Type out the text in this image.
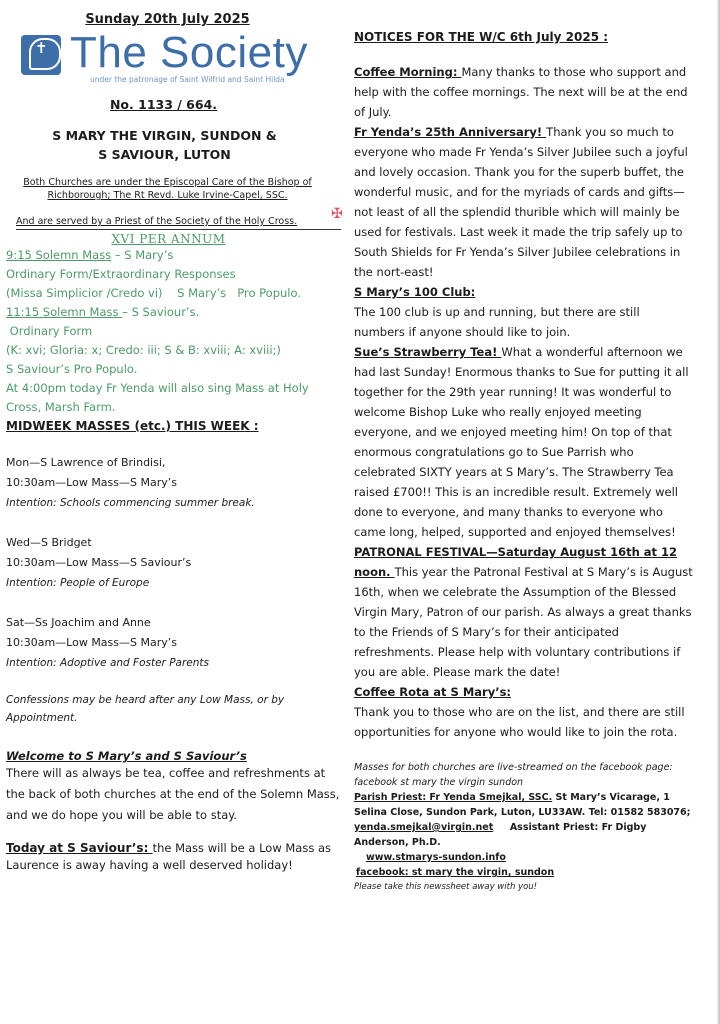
Sunday 20th July 2025
✝ The Society
under the patronage of Saint Wilfrid and Saint Hilda
No. 1133 / 664.
S MARY THE VIRGIN, SUNDON &
S SAVIOUR, LUTON
Both Churches are under the Episcopal Care of the Bishop of
Richborough; The Rt Revd. Luke Irvine-Capel, SSC.
And are served by a Priest of the Society of the Holy Cross. ✠
XVI PER ANNUM
9:15 Solemn Mass – S Mary’s
Ordinary Form/Extraordinary Responses
(Missa Simplicior /Credo vi)    S Mary’s   Pro Populo.
11:15 Solemn Mass – S Saviour’s.
Ordinary Form
(K: xvi; Gloria: x; Credo: iii; S & B: xviii; A: xviii;)
S Saviour’s Pro Populo.
At 4:00pm today Fr Yenda will also sing Mass at Holy Cross, Marsh Farm.
MIDWEEK MASSES (etc.) THIS WEEK :
Mon—S Lawrence of Brindisi,
10:30am—Low Mass—S Mary’s
Intention: Schools commencing summer break.
Wed—S Bridget
10:30am—Low Mass—S Saviour’s
Intention: People of Europe
Sat—Ss Joachim and Anne
10:30am—Low Mass—S Mary’s
Intention: Adoptive and Foster Parents
Confessions may be heard after any Low Mass, or by Appointment.
Welcome to S Mary’s and S Saviour’s
There will as always be tea, coffee and refreshments at the back of both churches at the end of the Solemn Mass, and we do hope you will be able to stay.
Today at S Saviour’s: the Mass will be a Low Mass as Laurence is away having a well deserved holiday!
NOTICES FOR THE W/C 6th July 2025 :
Coffee Morning: Many thanks to those who support and help with the coffee mornings. The next will be at the end of July.
Fr Yenda’s 25th Anniversary! Thank you so much to everyone who made Fr Yenda’s Silver Jubilee such a joyful and lovely occasion. Thank you for the superb buffet, the wonderful music, and for the myriads of cards and gifts—not least of all the splendid thurible which will mainly be used for festivals. Last week it made the trip safely up to South Shields for Fr Yenda’s Silver Jubilee celebrations in the nort-east!
S Mary’s 100 Club:
The 100 club is up and running, but there are still numbers if anyone should like to join.
Sue’s Strawberry Tea! What a wonderful afternoon we had last Sunday! Enormous thanks to Sue for putting it all together for the 29th year running! It was wonderful to welcome Bishop Luke who really enjoyed meeting everyone, and we enjoyed meeting him! On top of that enormous congratulations go to Sue Parrish who celebrated SIXTY years at S Mary’s. The Strawberry Tea raised £700!! This is an incredible result. Extremely well done to everyone, and many thanks to everyone who came long, helped, supported and enjoyed themselves!
PATRONAL FESTIVAL—Saturday August 16th at 12 noon. This year the Patronal Festival at S Mary’s is August 16th, when we celebrate the Assumption of the Blessed Virgin Mary, Patron of our parish. As always a great thanks to the Friends of S Mary’s for their anticipated refreshments. Please help with voluntary contributions if you are able. Please mark the date!
Coffee Rota at S Mary’s:
Thank you to those who are on the list, and there are still opportunities for anyone who would like to join the rota.
Masses for both churches are live-streamed on the facebook page:
facebook st mary the virgin sundon
Parish Priest: Fr Yenda Smejkal, SSC. St Mary’s Vicarage, 1 Selina Close, Sundon Park, Luton, LU33AW. Tel: 01582 583076; yenda.smejkal@virgin.net     Assistant Priest: Fr Digby Anderson, Ph.D.
www.stmarys-sundon.info
facebook: st mary the virgin, sundon
Please take this newssheet away with you!
